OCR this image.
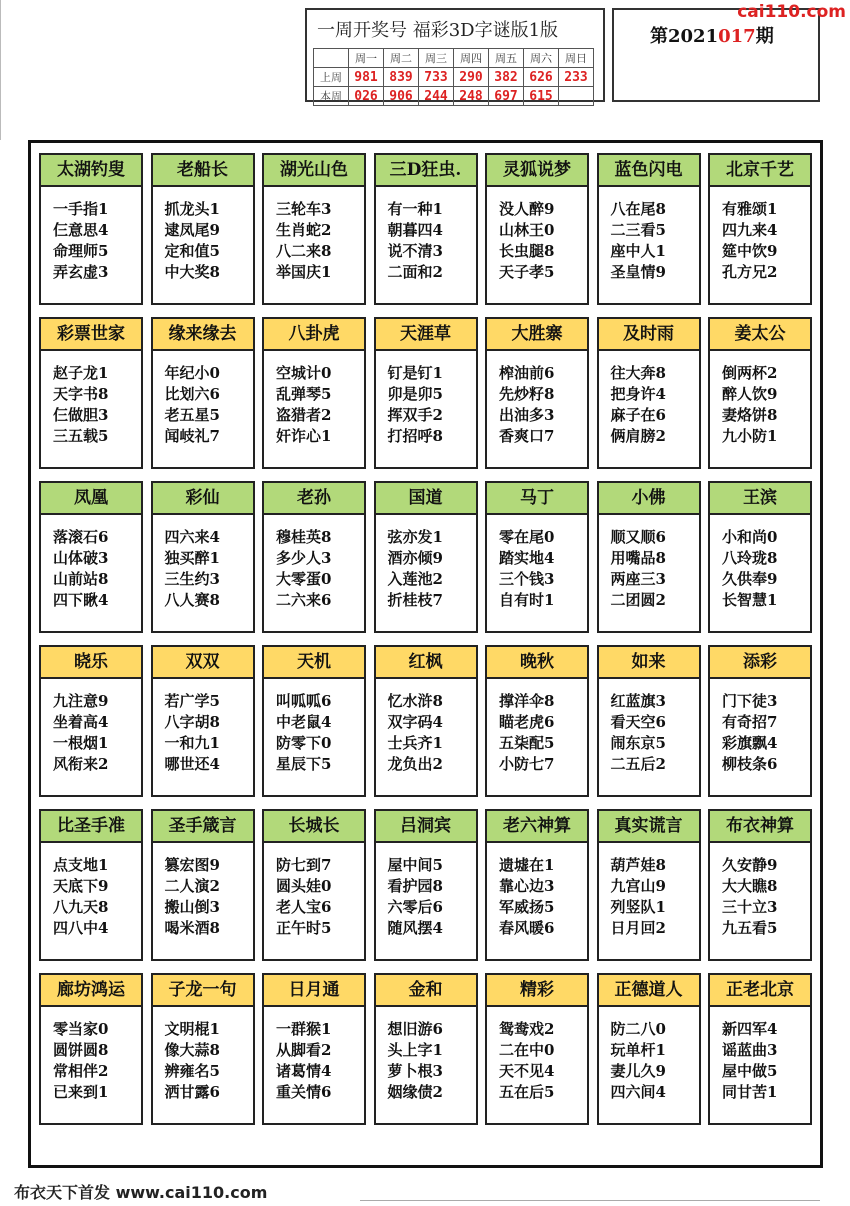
一周开奖号 福彩3D字谜版1版
	周一	周二	周三	周四	周五	周六	周日
上周	981	839	733	290	382	626	233
本周	026	906	244	248	697	615	
第2021017期
cai110.com
太湖钓叟
一手指1
仨意思4
命理师5
弄玄虚3
老船长
抓龙头1
逮凤尾9
定和值5
中大奖8
湖光山色
三轮车3
生肖蛇2
八二来8
举国庆1
三D狂虫.
有一种1
朝暮四4
说不清3
二面和2
灵狐说梦
没人醉9
山林王0
长虫腿8
天子孝5
蓝色闪电
八在尾8
二三看5
座中人1
圣皇情9
北京千艺
有雅颂1
四九来4
筵中饮9
孔方兄2
彩票世家
赵子龙1
天字书8
仨做胆3
三五载5
缘来缘去
年纪小0
比划六6
老五星5
闻岐礼7
八卦虎
空城计0
乱弹琴5
盗猎者2
奸诈心1
天涯草
钉是钉1
卯是卯5
挥双手2
打招呼8
大胜寨
榨油前6
先炒籽8
出油多3
香爽口7
及时雨
往大奔8
把身许4
麻子在6
俩肩膀2
姜太公
倒两杯2
醉人饮9
妻烙饼8
九小防1
凤凰
落滚石6
山体破3
山前站8
四下瞅4
彩仙
四六来4
独买醉1
三生约3
八人赛8
老孙
穆桂英8
多少人3
大零蛋0
二六来6
国道
弦亦发1
酒亦倾9
入莲池2
折桂枝7
马丁
零在尾0
踏实地4
三个钱3
自有时1
小佛
顺又顺6
用嘴品8
两座三3
二团圆2
王滨
小和尚0
八玲珑8
久供奉9
长智慧1
晓乐
九注意9
坐着高4
一根烟1
风衔来2
双双
若广学5
八字胡8
一和九1
哪世还4
天机
叫呱呱6
中老鼠4
防零下0
星辰下5
红枫
忆水浒8
双字码4
士兵齐1
龙负出2
晚秋
撑洋伞8
瞄老虎6
五柒配5
小防七7
如来
红蓝旗3
看天空6
闹东京5
二五后2
添彩
门下徒3
有奇招7
彩旗飘4
柳枝条6
比圣手准
点支地1
天底下9
八九天8
四八中4
圣手箴言
篡宏图9
二人演2
搬山倒3
喝米酒8
长城长
防七到7
圆头娃0
老人宝6
正午时5
吕洞宾
屋中间5
看护园8
六零后6
随风摆4
老六神算
遗墟在1
靠心边3
军威扬5
春风暖6
真实谎言
葫芦娃8
九宫山9
列竖队1
日月回2
布衣神算
久安静9
大大瞧8
三十立3
九五看5
廊坊鸿运
零当家0
圆饼圆8
常相伴2
已来到1
子龙一句
文明棍1
像大蒜8
辨雍名5
洒甘露6
日月通
一群猴1
从脚看2
诸葛情4
重关情6
金和
想旧游6
头上字1
萝卜根3
姻缘债2
精彩
鸳鸯戏2
二在中0
天不见4
五在后5
正德道人
防二八0
玩单杆1
妻儿久9
四六间4
正老北京
新四军4
谣蓝曲3
屋中做5
同甘苦1
布衣天下首发 www.cai110.com
